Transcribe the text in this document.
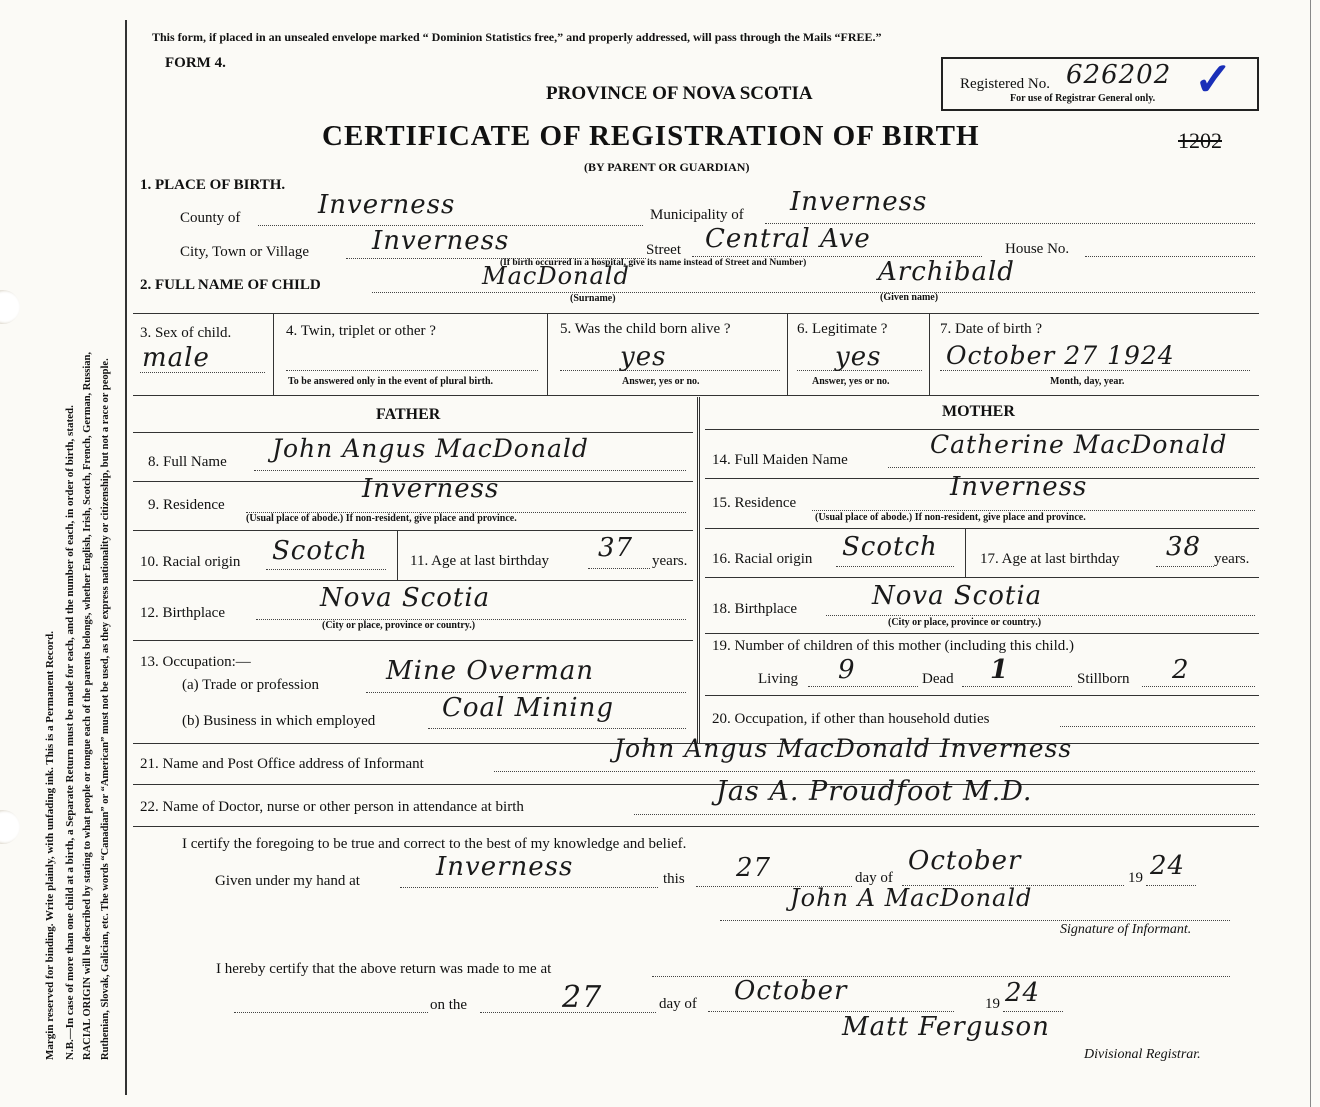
Margin reserved for binding. Write plainly, with unfading ink. This is a Permanent Record. N.B.—In case of more than one child at a birth, a Separate Return must be made for each, and the number of each, in order of birth, stated. RACIAL ORIGIN will be described by stating to what people or tongue each of the parents belongs, whether English, Irish, Scotch, French, German, Russian, Ruthenian, Slovak, Galician, etc. The words “Canadian” or “American” must not be used, as they express nationality or citizenship, but not a race or people.
This form, if placed in an unsealed envelope marked “ Dominion Statistics free,” and properly addressed, will pass through the Mails “FREE.”
FORM 4.
PROVINCE OF NOVA SCOTIA
CERTIFICATE OF REGISTRATION OF BIRTH
(BY PARENT OR GUARDIAN)
Registered No. 626202 ✓
For use of Registrar General only.
1202
1. PLACE OF BIRTH.
County of	Inverness	Municipality of Inverness
City, Town or Village Inverness	Street Central Ave	House No.
(If birth occurred in a hospital, give its name instead of Street and Number)
2. FULL NAME OF CHILD	MacDonald
(Surname)
Archibald
(Given name)
3. Sex of child.
male
4. Twin, triplet or other ?
To be answered only in the event of plural birth.
5. Was the child born alive ?
yes
Answer, yes or no.
6. Legitimate ?
yes
Answer, yes or no.
7. Date of birth ?
October 27 1924
Month, day, year.
FATHER	MOTHER
8. Full Name John Angus MacDonald
9. Residence
Inverness
(Usual place of abode.) If non-resident, give place and province.
10. Racial origin Scotch	11. Age at last birthday 37 years.
12. Birthplace	Nova Scotia
(City or place, province or country.)
13. Occupation:—
(a) Trade or profession	Mine Overman
(b) Business in which employed	Coal Mining
14. Full Maiden Name
Catherine MacDonald
15. Residence
Inverness
(Usual place of abode.) If non-resident, give place and province.
16. Racial origin Scotch	17. Age at last birthday 38 years.
18. Birthplace	Nova Scotia
(City or place, province or country.)
19. Number of children of this mother (including this child.)
Living 9	Dead 1	Stillborn 2
20. Occupation, if other than household duties
21. Name and Post Office address of Informant
John Angus MacDonald Inverness
22. Name of Doctor, nurse or other person in attendance at birth	Jas A. Proudfoot M.D.
I certify the foregoing to be true and correct to the best of my knowledge and belief.
Given under my hand at	Inverness	this 27	day of
October
19 24
John A MacDonald
Signature of Informant.
I hereby certify that the above return was made to me at
on the	27	day of October	19 24
Matt Ferguson
Divisional Registrar.
